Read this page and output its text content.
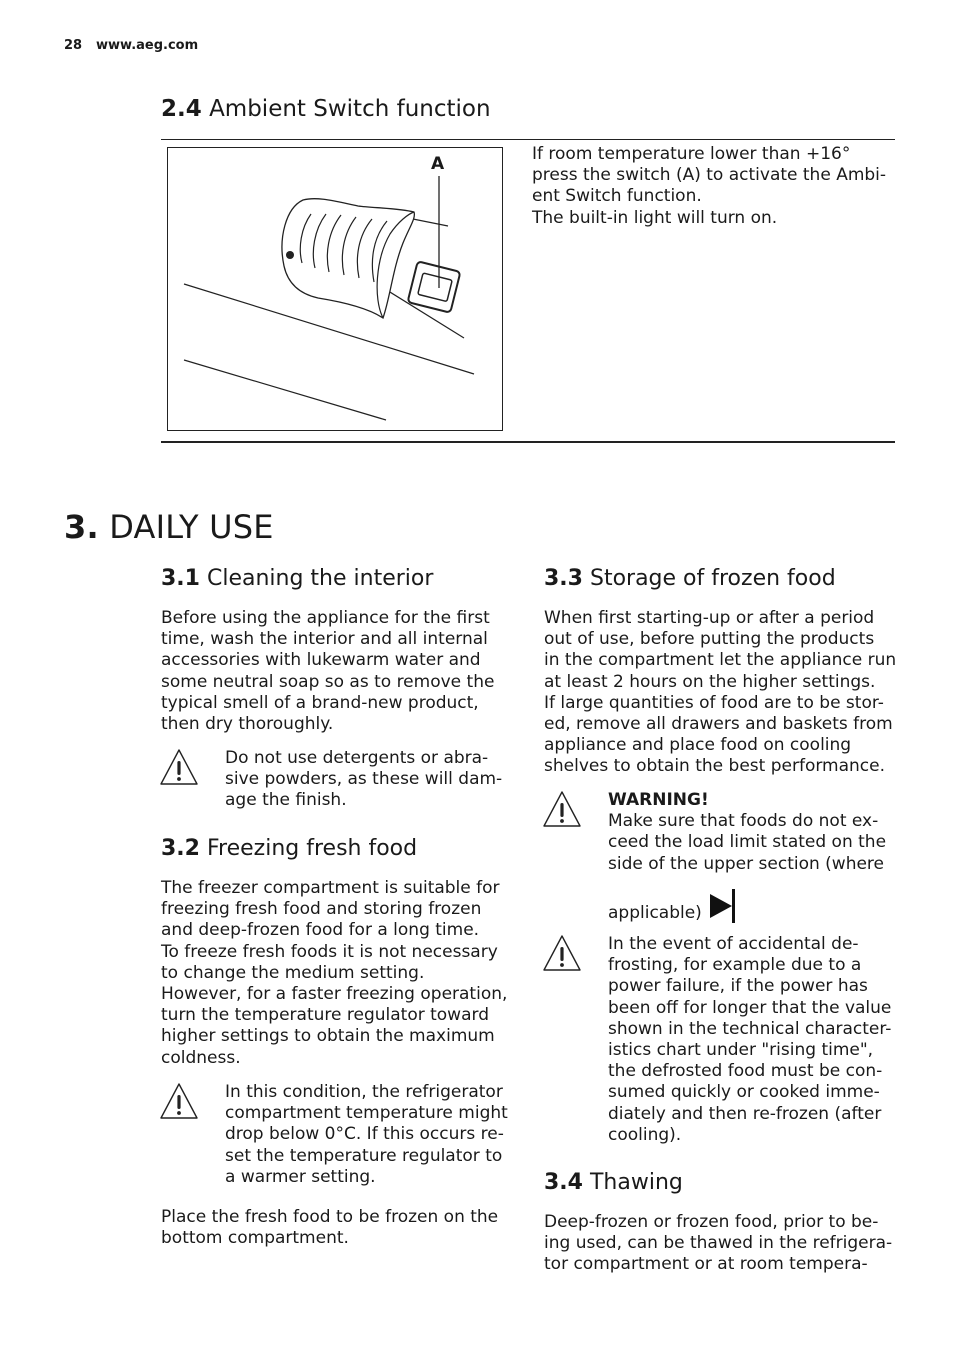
28 www.aeg.com
2.4 Ambient Switch function
A	If room temperature lower than +16°

press the switch (A) to activate the Ambi-

ent Switch function.

The built-in light will turn on.

3. DAILY USE
3.1 Cleaning the interior

Before using the appliance for the first

time, wash the interior and all internal

accessories with lukewarm water and

some neutral soap so as to remove the

typical smell of a brand-new product,

then dry thoroughly.

Do not use detergents or abra-

sive powders, as these will dam-

age the finish.

3.2 Freezing fresh food

The freezer compartment is suitable for

freezing fresh food and storing frozen

and deep-frozen food for a long time.

To freeze fresh foods it is not necessary

to change the medium setting.

However, for a faster freezing operation,

turn the temperature regulator toward

higher settings to obtain the maximum

coldness.

In this condition, the refrigerator

compartment temperature might

drop below 0°C. If this occurs re-

set the temperature regulator to

a warmer setting.

Place the fresh food to be frozen on the

bottom compartment.

3.3 Storage of frozen food

When first starting-up or after a period

out of use, before putting the products

in the compartment let the appliance run

at least 2 hours on the higher settings.

If large quantities of food are to be stor-

ed, remove all drawers and baskets from

appliance and place food on cooling

shelves to obtain the best performance.

WARNING!

Make sure that foods do not ex-

ceed the load limit stated on the

side of the upper section (where

applicable)

In the event of accidental de-

frosting, for example due to a

power failure, if the power has

been off for longer that the value

shown in the technical character-

istics chart under "rising time",

the defrosted food must be con-

sumed quickly or cooked imme-

diately and then re-frozen (after

cooling).

3.4 Thawing

Deep-frozen or frozen food, prior to be-

ing used, can be thawed in the refrigera-

tor compartment or at room tempera-
